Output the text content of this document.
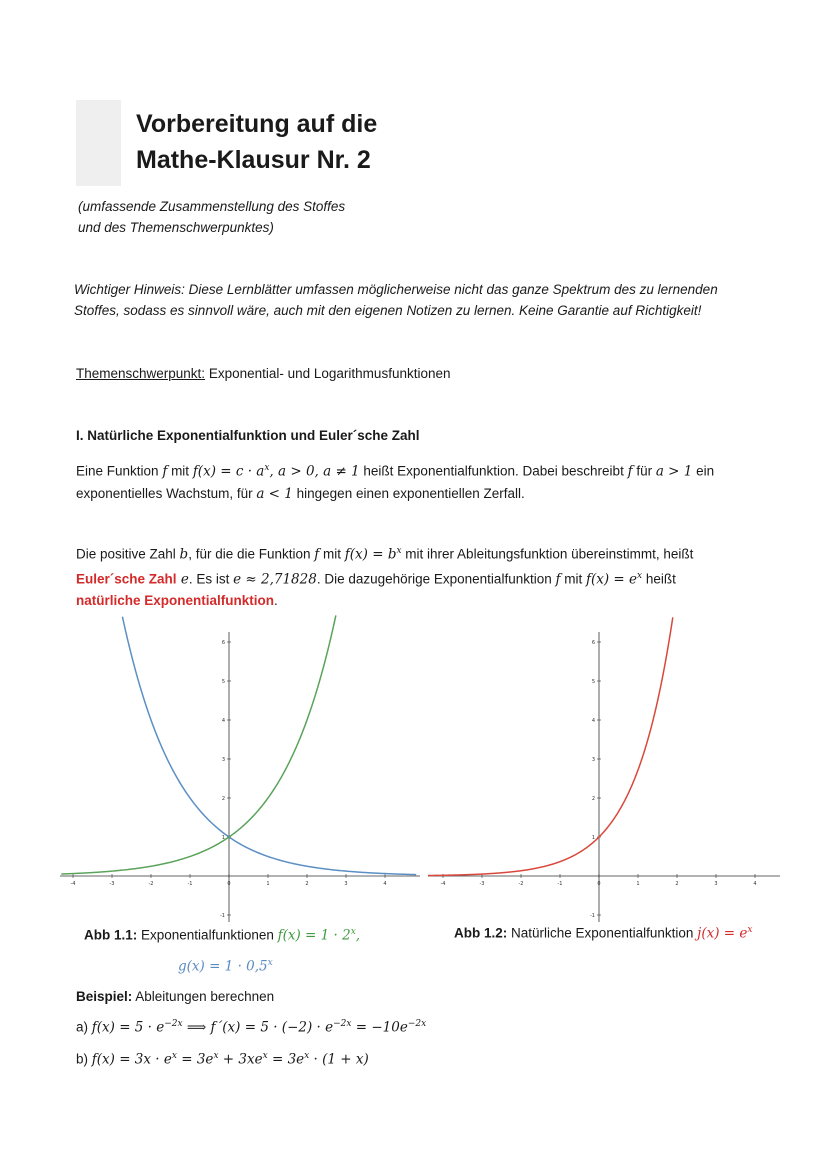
Vorbereitung auf die
Mathe-Klausur Nr. 2
(umfassende Zusammenstellung des Stoffes
und des Themenschwerpunktes)
Wichtiger Hinweis: Diese Lernblätter umfassen möglicherweise nicht das ganze Spektrum des zu lernenden Stoffes, sodass es sinnvoll wäre, auch mit den eigenen Notizen zu lernen. Keine Garantie auf Richtigkeit!
Themenschwerpunkt: Exponential- und Logarithmusfunktionen
I. Natürliche Exponentialfunktion und Euler´sche Zahl
Eine Funktion f mit $f(x) = c \cdot a^x$, a > 0, a ≠ 1 heißt Exponentialfunktion. Dabei beschreibt f für a > 1 ein exponentielles Wachstum, für a < 1 hingegen einen exponentiellen Zerfall.
Die positive Zahl b, für die die Funktion f mit $f(x) = b^x$ mit ihrer Ableitungsfunktion übereinstimmt, heißt
Euler´sche Zahl e. Es ist e ≈ 2,71828. Die dazugehörige Exponentialfunktion f mit $f(x) = e^x$ heißt
natürliche Exponentialfunktion.
-4	-3	-2	-1	0	1	2	3	4
-1
1
2
3
4
5
6
-4	-3	-2	-1	0	1	2	3	4
-1
1
2
3
4
5
6
Abb 1.1: Exponentialfunktionen $f(x) = 1 \cdot 2^x$,
$g(x) = 1 \cdot 0,5^x$
Abb 1.2: Natürliche Exponentialfunktion $j(x) = e^x$
Beispiel: Ableitungen berechnen
a) $f(x) = 5 \cdot e^{-2x}$ ⟹ f´(x) = $5 \cdot (-2) \cdot e^{-2x} = -10e^{-2x}$
b) $f(x) = 3x \cdot e^x = 3e^x + 3xe^x = 3e^x \cdot (1 + x)$
